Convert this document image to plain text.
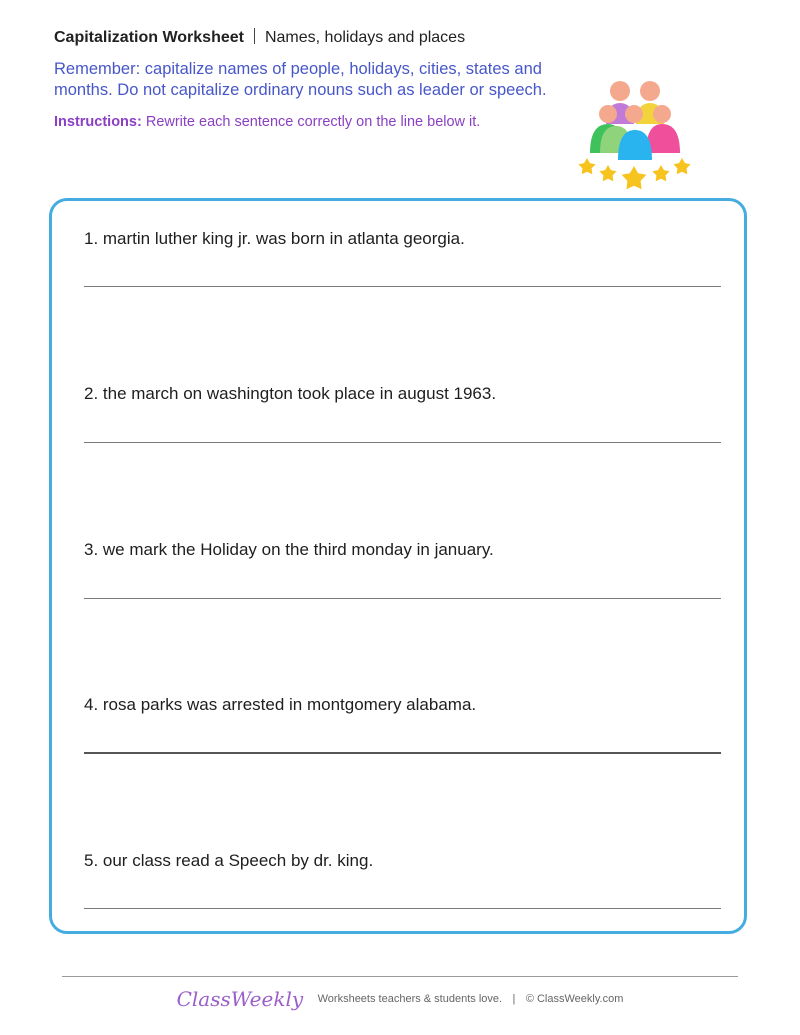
Capitalization Worksheet Names, holidays and places
Remember: capitalize names of people, holidays, cities, states and months. Do not capitalize ordinary nouns such as leader or speech.
Instructions: Rewrite each sentence correctly on the line below it.
1. martin luther king jr. was born in atlanta georgia.
2. the march on washington took place in august 1963.
3. we mark the Holiday on the third monday in january.
4. rosa parks was arrested in montgomery alabama.
5. our class read a Speech by dr. king.
ClassWeekly Worksheets teachers & students love. | © ClassWeekly.com
